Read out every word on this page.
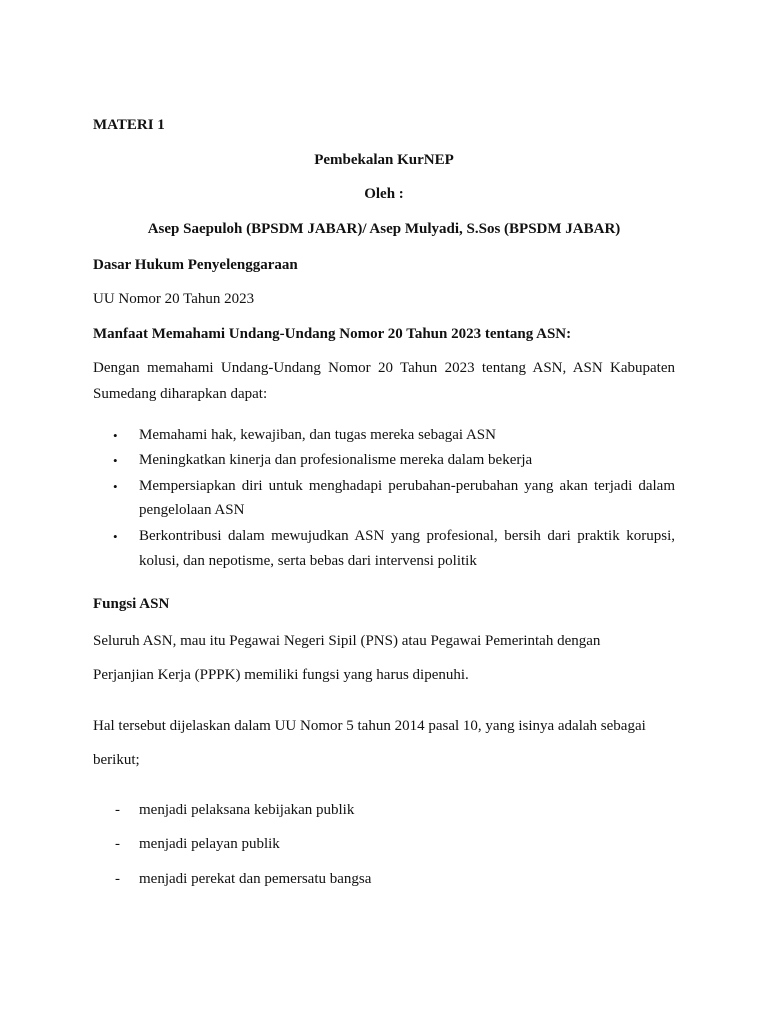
MATERI 1
Pembekalan KurNEP
Oleh :
Asep Saepuloh (BPSDM JABAR)/ Asep Mulyadi, S.Sos (BPSDM JABAR)
Dasar Hukum Penyelenggaraan
UU Nomor 20 Tahun 2023
Manfaat Memahami Undang-Undang Nomor 20 Tahun 2023 tentang ASN:
Dengan memahami Undang-Undang Nomor 20 Tahun 2023 tentang ASN, ASN Kabupaten
Sumedang diharapkan dapat:
•	Memahami hak, kewajiban, dan tugas mereka sebagai ASN
•	Meningkatkan kinerja dan profesionalisme mereka dalam bekerja
•	Mempersiapkan diri untuk menghadapi perubahan-perubahan yang akan terjadi dalam
pengelolaan ASN
•	Berkontribusi dalam mewujudkan ASN yang profesional, bersih dari praktik korupsi,
kolusi, dan nepotisme, serta bebas dari intervensi politik
Fungsi ASN
Seluruh ASN, mau itu Pegawai Negeri Sipil (PNS) atau Pegawai Pemerintah dengan
Perjanjian Kerja (PPPK) memiliki fungsi yang harus dipenuhi.
Hal tersebut dijelaskan dalam UU Nomor 5 tahun 2014 pasal 10, yang isinya adalah sebagai
berikut;
- menjadi pelaksana kebijakan publik
- menjadi pelayan publik
- menjadi perekat dan pemersatu bangsa
